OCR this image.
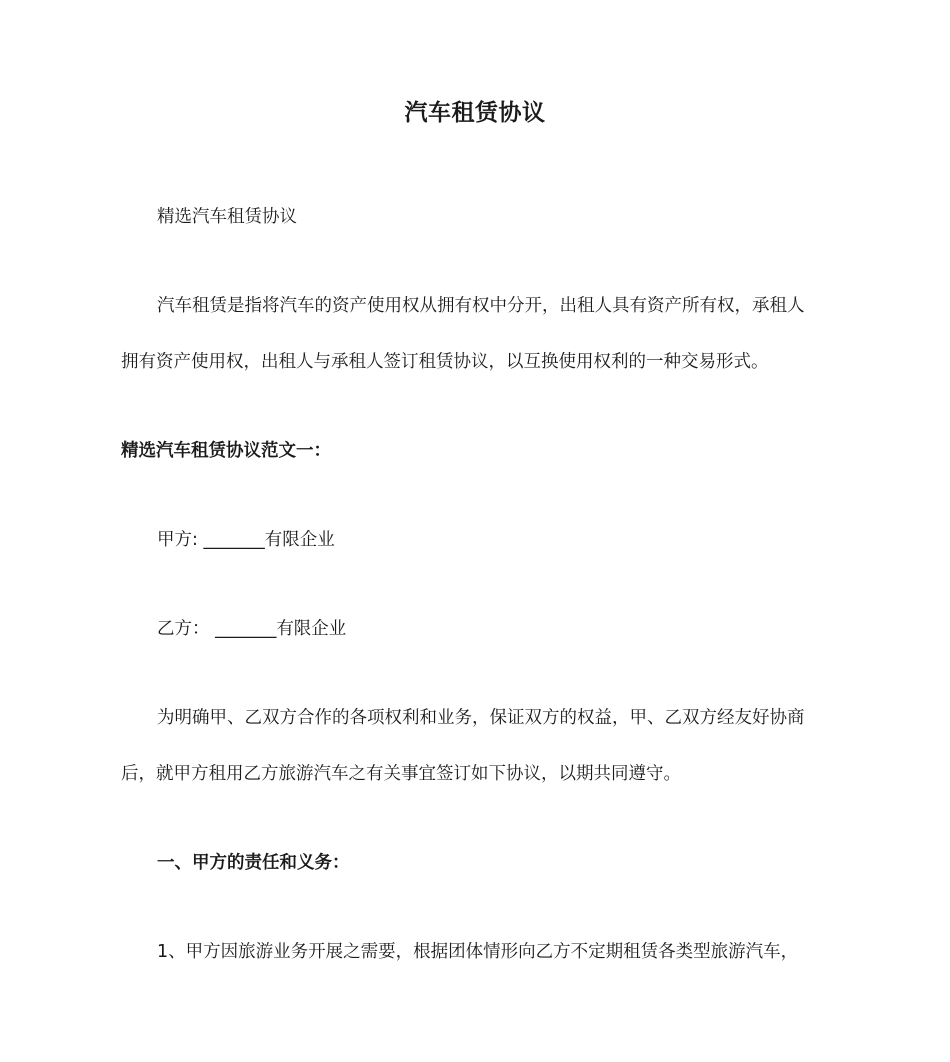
汽车租赁协议
精选汽车租赁协议
汽车租赁是指将汽车的资产使用权从拥有权中分开，出租人具有资产所有权，承租人
拥有资产使用权，出租人与承租人签订租赁协议，以互换使用权利的一种交易形式。
精选汽车租赁协议范文一：
甲方: _______有限企业
乙方： _______有限企业
为明确甲、乙双方合作的各项权利和业务，保证双方的权益，甲、乙双方经友好协商
后，就甲方租用乙方旅游汽车之有关事宜签订如下协议，以期共同遵守。
一、甲方的责任和义务：
1、甲方因旅游业务开展之需要，根据团体情形向乙方不定期租赁各类型旅游汽车，
